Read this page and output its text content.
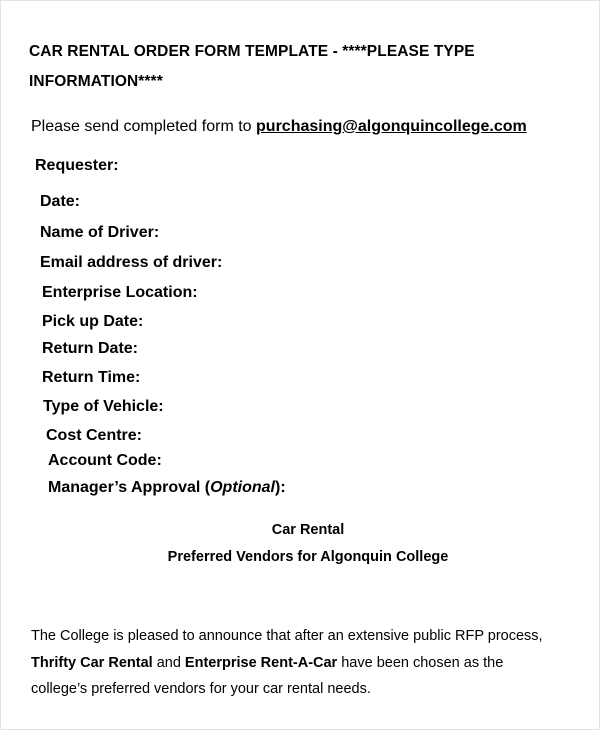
CAR RENTAL ORDER FORM TEMPLATE - ****PLEASE TYPE
INFORMATION****
Please send completed form to purchasing@algonquincollege.com
Requester:
Date:
Name of Driver:
Email address of driver:
Enterprise Location:
Pick up Date:
Return Date:
Return Time:
Type of Vehicle:
Cost Centre:
Account Code:
Manager’s Approval (Optional):
Car Rental
Preferred Vendors for Algonquin College
The College is pleased to announce that after an extensive public RFP process,
Thrifty Car Rental and Enterprise Rent-A-Car have been chosen as the
college’s preferred vendors for your car rental needs.
